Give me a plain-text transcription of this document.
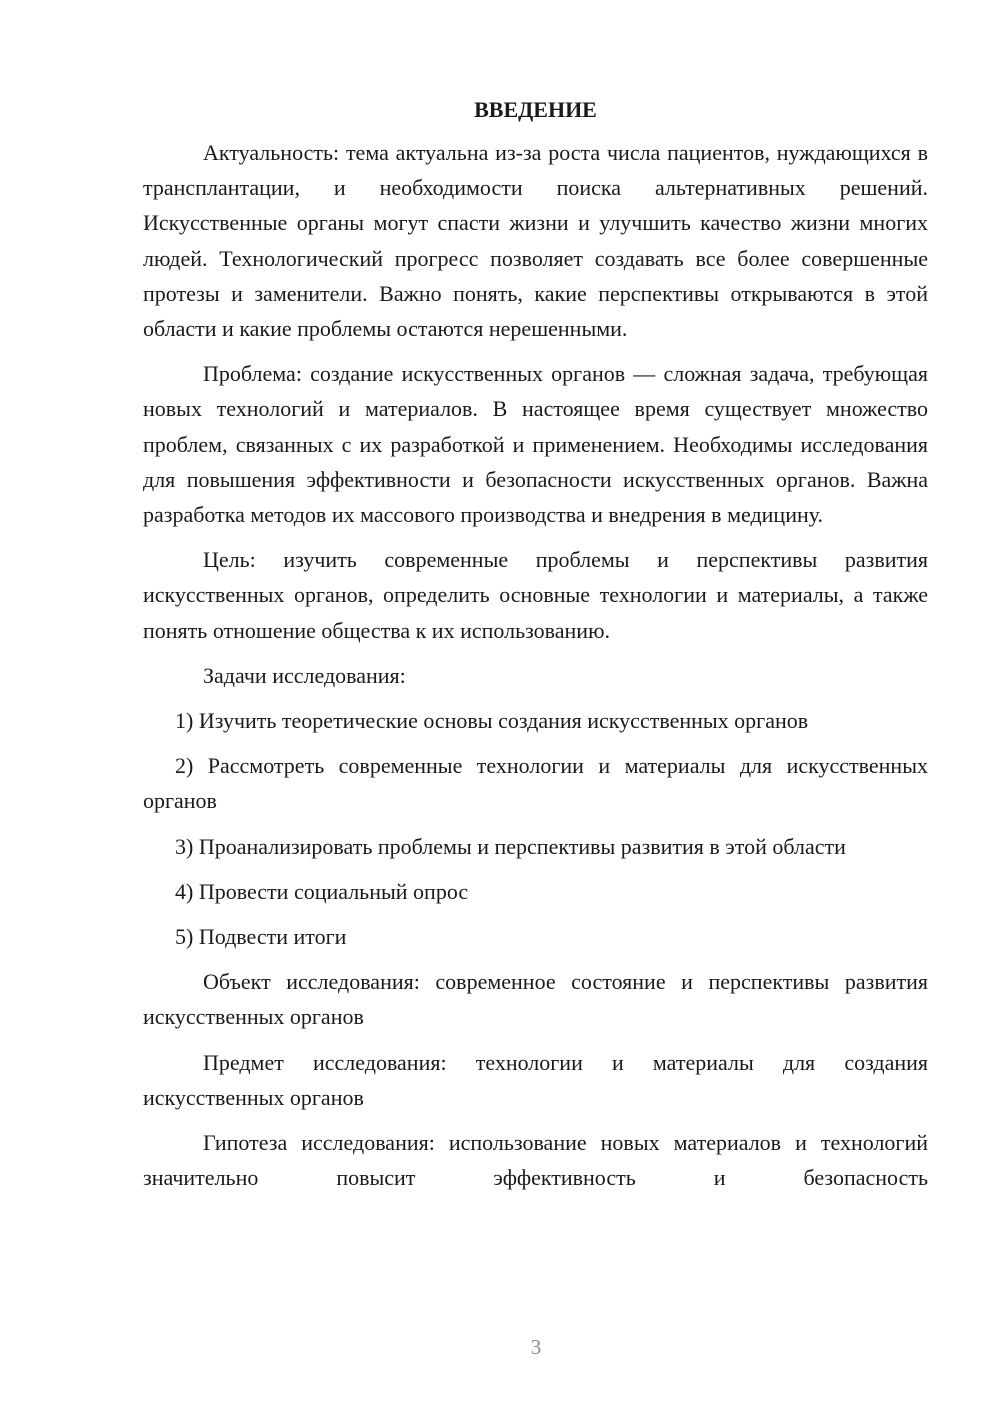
ВВЕДЕНИЕ

Актуальность: тема актуальна из-за роста числа пациентов, нуждающихся в трансплантации, и необходимости поиска альтернативных решений. Искусственные органы могут спасти жизни и улучшить качество жизни многих людей. Технологический прогресс позволяет создавать все более совершенные протезы и заменители. Важно понять, какие перспективы открываются в этой области и какие проблемы остаются нерешенными.

Проблема: создание искусственных органов — сложная задача, требующая новых технологий и материалов. В настоящее время существует множество проблем, связанных с их разработкой и применением. Необходимы исследования для повышения эффективности и безопасности искусственных органов. Важна разработка методов их массового производства и внедрения в медицину.

Цель: изучить современные проблемы и перспективы развития искусственных органов, определить основные технологии и материалы, а также понять отношение общества к их использованию.

Задачи исследования:

1) Изучить теоретические основы создания искусственных органов

2) Рассмотреть современные технологии и материалы для искусственных органов

3) Проанализировать проблемы и перспективы развития в этой области

4) Провести социальный опрос

5) Подвести итоги

Объект исследования: современное состояние и перспективы развития искусственных органов

Предмет исследования: технологии и материалы для создания искусственных органов

Гипотеза исследования: использование новых материалов и технологий значительно повысит эффективность и безопасность

3
